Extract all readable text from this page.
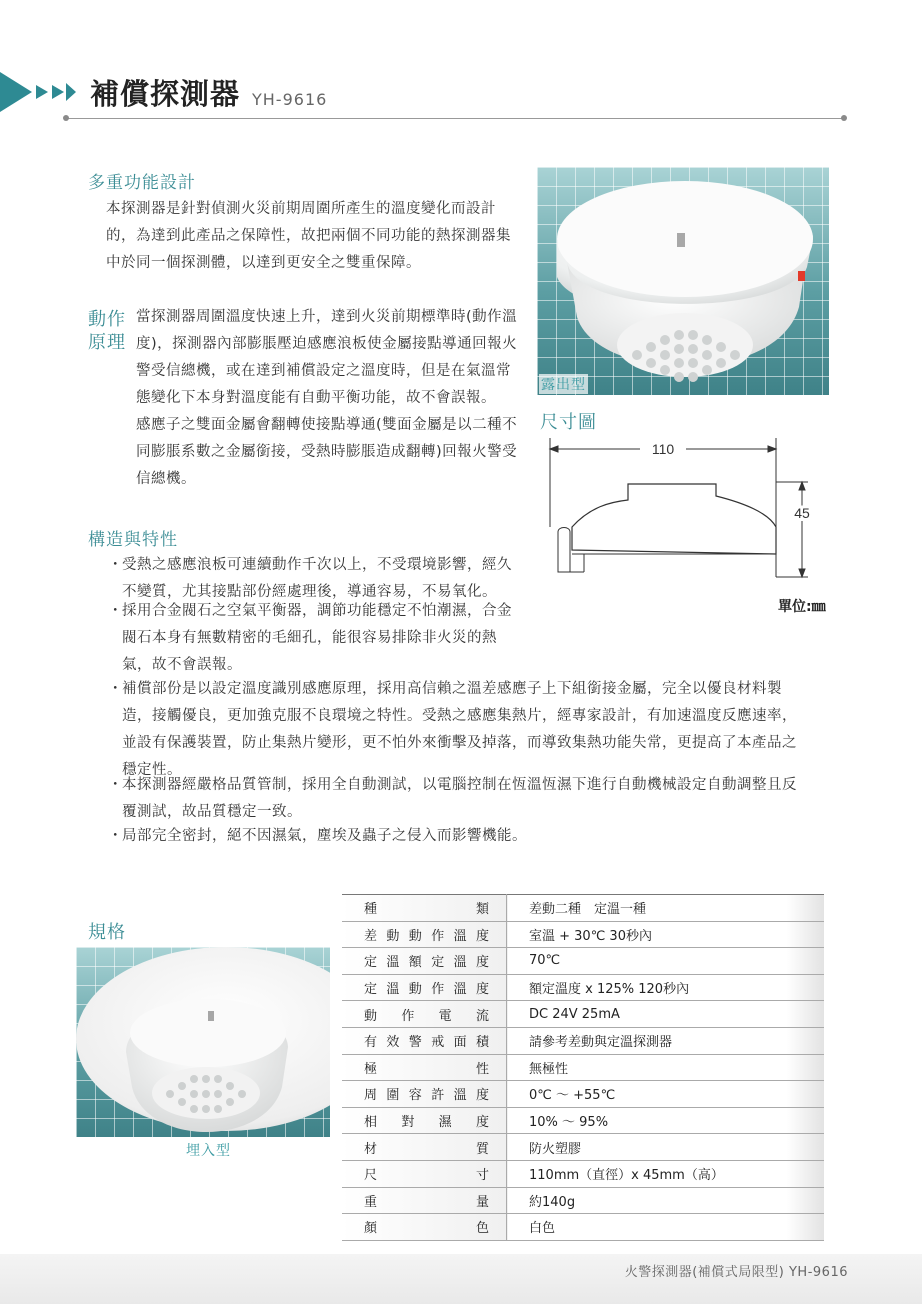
補償探測器 YH-9616
多重功能設計
本探測器是針對偵測火災前期周圍所產生的溫度變化而設計
的，為達到此產品之保障性，故把兩個不同功能的熱探測器集
中於同一個探測體，以達到更安全之雙重保障。
動作
原理
當探測器周圍溫度快速上升，達到火災前期標準時(動作溫
度)，探測器內部膨脹壓迫感應浪板使金屬接點導通回報火
警受信總機，或在達到補償設定之溫度時，但是在氣溫常
態變化下本身對溫度能有自動平衡功能，故不會誤報。
感應子之雙面金屬會翻轉使接點導通(雙面金屬是以二種不
同膨脹系數之金屬銜接，受熱時膨脹造成翻轉)回報火警受
信總機。
露出型
尺寸圖
110
45
單位:㎜
構造與特性
・ 受熱之感應浪板可連續動作千次以上，不受環境影響，經久
不變質，尤其接點部份經處理後，導通容易，不易氧化。
・ 採用合金閥石之空氣平衡器，調節功能穩定不怕潮濕，合金
閥石本身有無數精密的毛細孔，能很容易排除非火災的熱
氣，故不會誤報。
・ 補償部份是以設定溫度識別感應原理，採用高信賴之溫差感應子上下組銜接金屬，完全以優良材料製
造，接觸優良，更加強克服不良環境之特性。受熱之感應集熱片，經專家設計，有加速溫度反應速率，
並設有保護裝置，防止集熱片變形，更不怕外來衝擊及掉落，而導致集熱功能失常，更提高了本產品之
穩定性。
・ 本探測器經嚴格品質管制，採用全自動測試，以電腦控制在恆溫恆濕下進行自動機械設定自動調整且反
覆測試，故品質穩定一致。
・ 局部完全密封，絕不因濕氣，塵埃及蟲子之侵入而影響機能。
規格
埋入型
種類	差動二種　定溫一種
差動動作溫度	室溫 + 30℃ 30秒內
定溫額定溫度	70℃
定溫動作溫度	額定溫度 x 125% 120秒內
動作電流	DC 24V 25mA
有效警戒面積	請參考差動與定溫探測器
極性	無極性
周圍容許溫度	0℃ ～ +55℃
相對濕度	10% ～ 95%
材質	防火塑膠
尺寸	110mm（直徑）x 45mm（高）
重量	約140g
顏色	白色
火警探測器(補償式局限型) YH-9616
